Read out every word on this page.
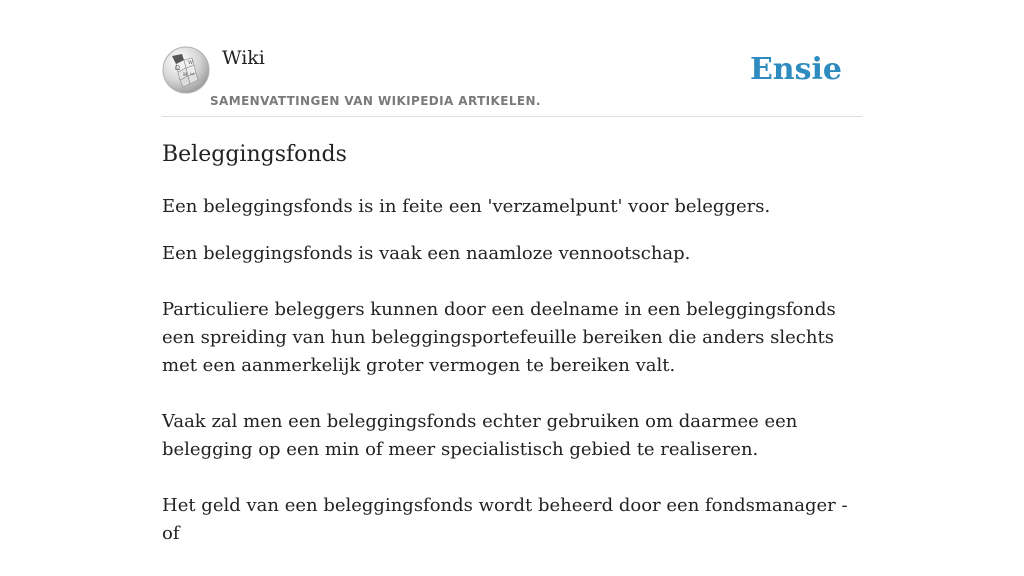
Ω
W
И ω
Wiki
SAMENVATTINGEN VAN WIKIPEDIA ARTIKELEN.
Ensie
Beleggingsfonds

Een beleggingsfonds is in feite een 'verzamelpunt' voor beleggers.

Een beleggingsfonds is vaak een naamloze vennootschap.

Particuliere beleggers kunnen door een deelname in een beleggingsfonds een spreiding van hun beleggingsportefeuille bereiken die anders slechts met een aanmerkelijk groter vermogen te bereiken valt.

Vaak zal men een beleggingsfonds echter gebruiken om daarmee een belegging op een min of meer specialistisch gebied te realiseren.

Het geld van een beleggingsfonds wordt beheerd door een fondsmanager - of
